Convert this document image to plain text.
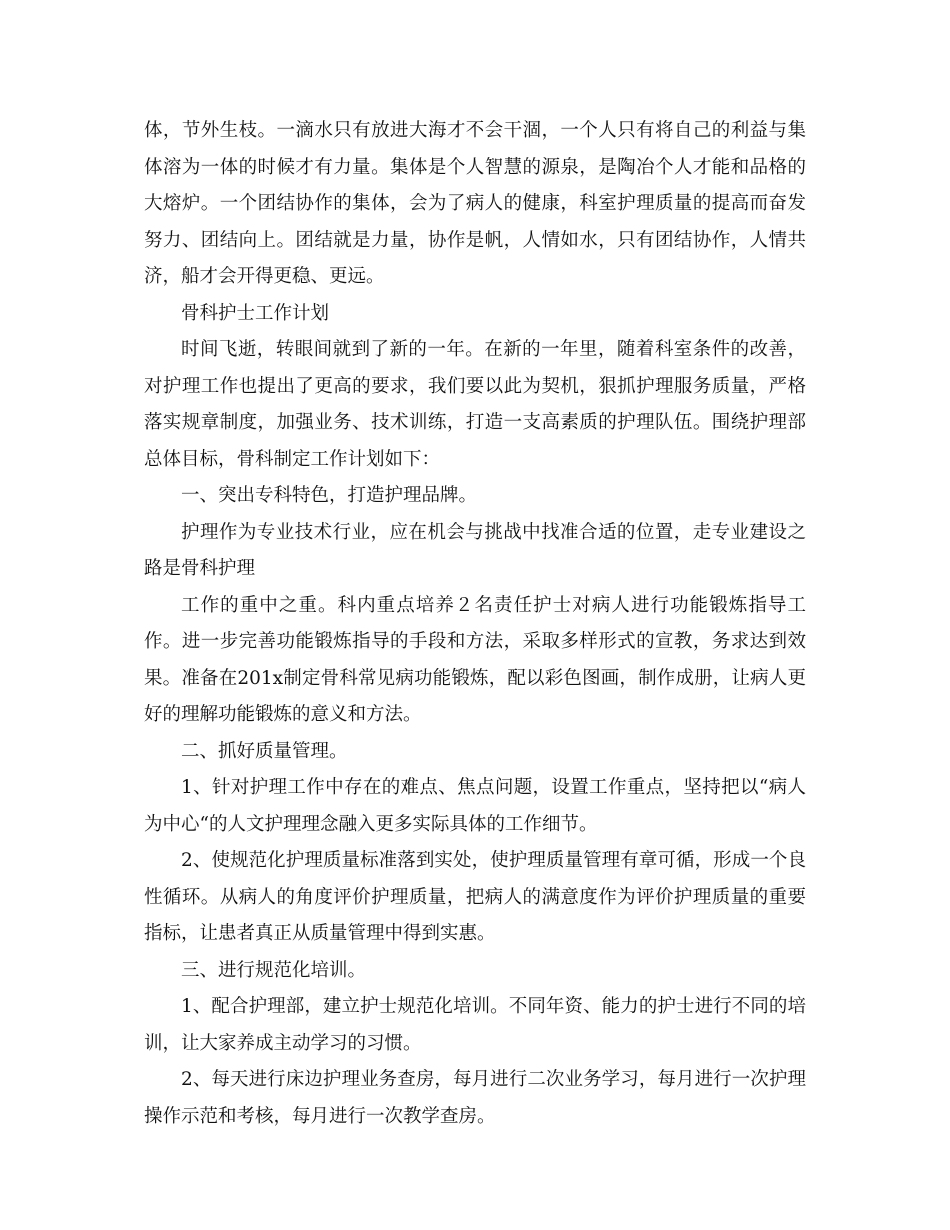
体，节外生枝。一滴水只有放进大海才不会干涸，一个人只有将自己的利益与集体溶为一体的时候才有力量。集体是个人智慧的源泉，是陶冶个人才能和品格的大熔炉。一个团结协作的集体，会为了病人的健康，科室护理质量的提高而奋发努力、团结向上。团结就是力量，协作是帆，人情如水，只有团结协作，人情共济，船才会开得更稳、更远。

骨科护士工作计划

时间飞逝，转眼间就到了新的一年。在新的一年里，随着科室条件的改善，对护理工作也提出了更高的要求，我们要以此为契机，狠抓护理服务质量，严格落实规章制度，加强业务、技术训练，打造一支高素质的护理队伍。围绕护理部总体目标，骨科制定工作计划如下：

一、突出专科特色，打造护理品牌。

护理作为专业技术行业，应在机会与挑战中找准合适的位置，走专业建设之路是骨科护理

工作的重中之重。科内重点培养２名责任护士对病人进行功能锻炼指导工作。进一步完善功能锻炼指导的手段和方法，采取多样形式的宣教，务求达到效果。准备在201x制定骨科常见病功能锻炼，配以彩色图画，制作成册，让病人更好的理解功能锻炼的意义和方法。

二、抓好质量管理。

1、针对护理工作中存在的难点、焦点问题，设置工作重点，坚持把以“病人为中心“的人文护理理念融入更多实际具体的工作细节。

2、使规范化护理质量标准落到实处，使护理质量管理有章可循，形成一个良性循环。从病人的角度评价护理质量，把病人的满意度作为评价护理质量的重要指标，让患者真正从质量管理中得到实惠。

三、进行规范化培训。

1、配合护理部，建立护士规范化培训。不同年资、能力的护士进行不同的培训，让大家养成主动学习的习惯。

2、每天进行床边护理业务查房，每月进行二次业务学习，每月进行一次护理操作示范和考核，每月进行一次教学查房。
